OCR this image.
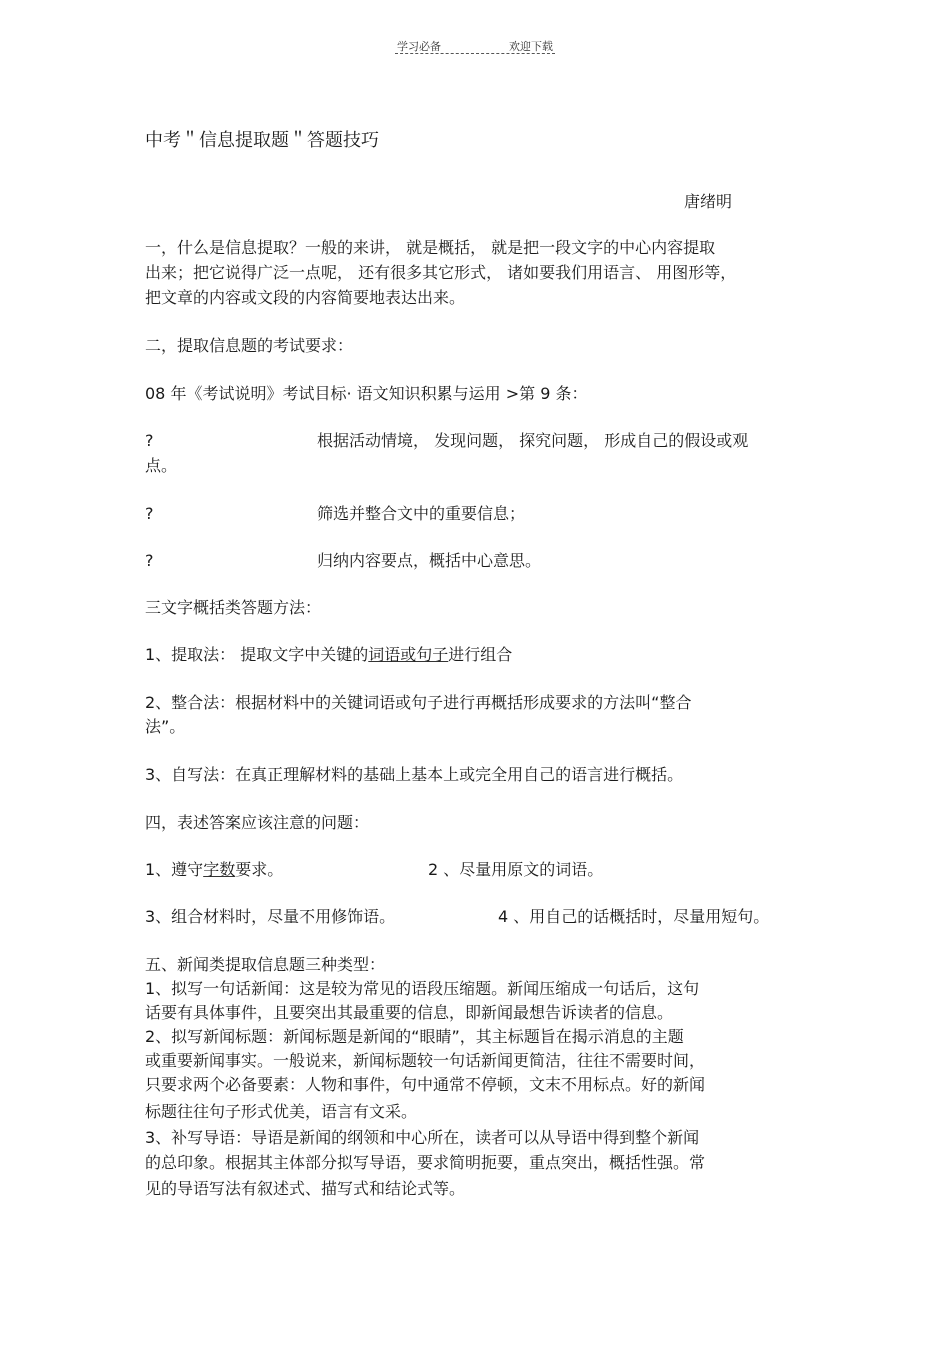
学习必备	欢迎下载

中考＂信息提取题＂答题技巧
唐绪明
一，什么是信息提取？一般的来讲， 就是概括， 就是把一段文字的中心内容提取
出来；把它说得广泛一点呢， 还有很多其它形式， 诸如要我们用语言、 用图形等，
把文章的内容或文段的内容简要地表达出来。
二，提取信息题的考试要求：
08 年《考试说明》考试目标· 语文知识积累与运用 >第 9 条：
?	根据活动情境， 发现问题， 探究问题， 形成自己的假设或观
点。
?	筛选并整合文中的重要信息；
?	归纳内容要点，概括中心意思。
三文字概括类答题方法：
1、提取法： 提取文字中关键的词语或句子进行组合
2、整合法：根据材料中的关键词语或句子进行再概括形成要求的方法叫“整合
法”。
3、自写法：在真正理解材料的基础上基本上或完全用自己的语言进行概括。
四，表述答案应该注意的问题：
1、遵守字数要求。	2 、尽量用原文的词语。
3、组合材料时，尽量不用修饰语。	4 、用自己的话概括时，尽量用短句。
五、新闻类提取信息题三种类型：
1、拟写一句话新闻：这是较为常见的语段压缩题。新闻压缩成一句话后，这句
话要有具体事件，且要突出其最重要的信息，即新闻最想告诉读者的信息。
2、拟写新闻标题：新闻标题是新闻的“眼睛”，其主标题旨在揭示消息的主题
或重要新闻事实。一般说来，新闻标题较一句话新闻更简洁，往往不需要时间，
只要求两个必备要素：人物和事件，句中通常不停顿，文末不用标点。好的新闻
标题往往句子形式优美，语言有文采。
3、补写导语：导语是新闻的纲领和中心所在，读者可以从导语中得到整个新闻
的总印象。根据其主体部分拟写导语，要求简明扼要，重点突出，概括性强。常
见的导语写法有叙述式、描写式和结论式等。
